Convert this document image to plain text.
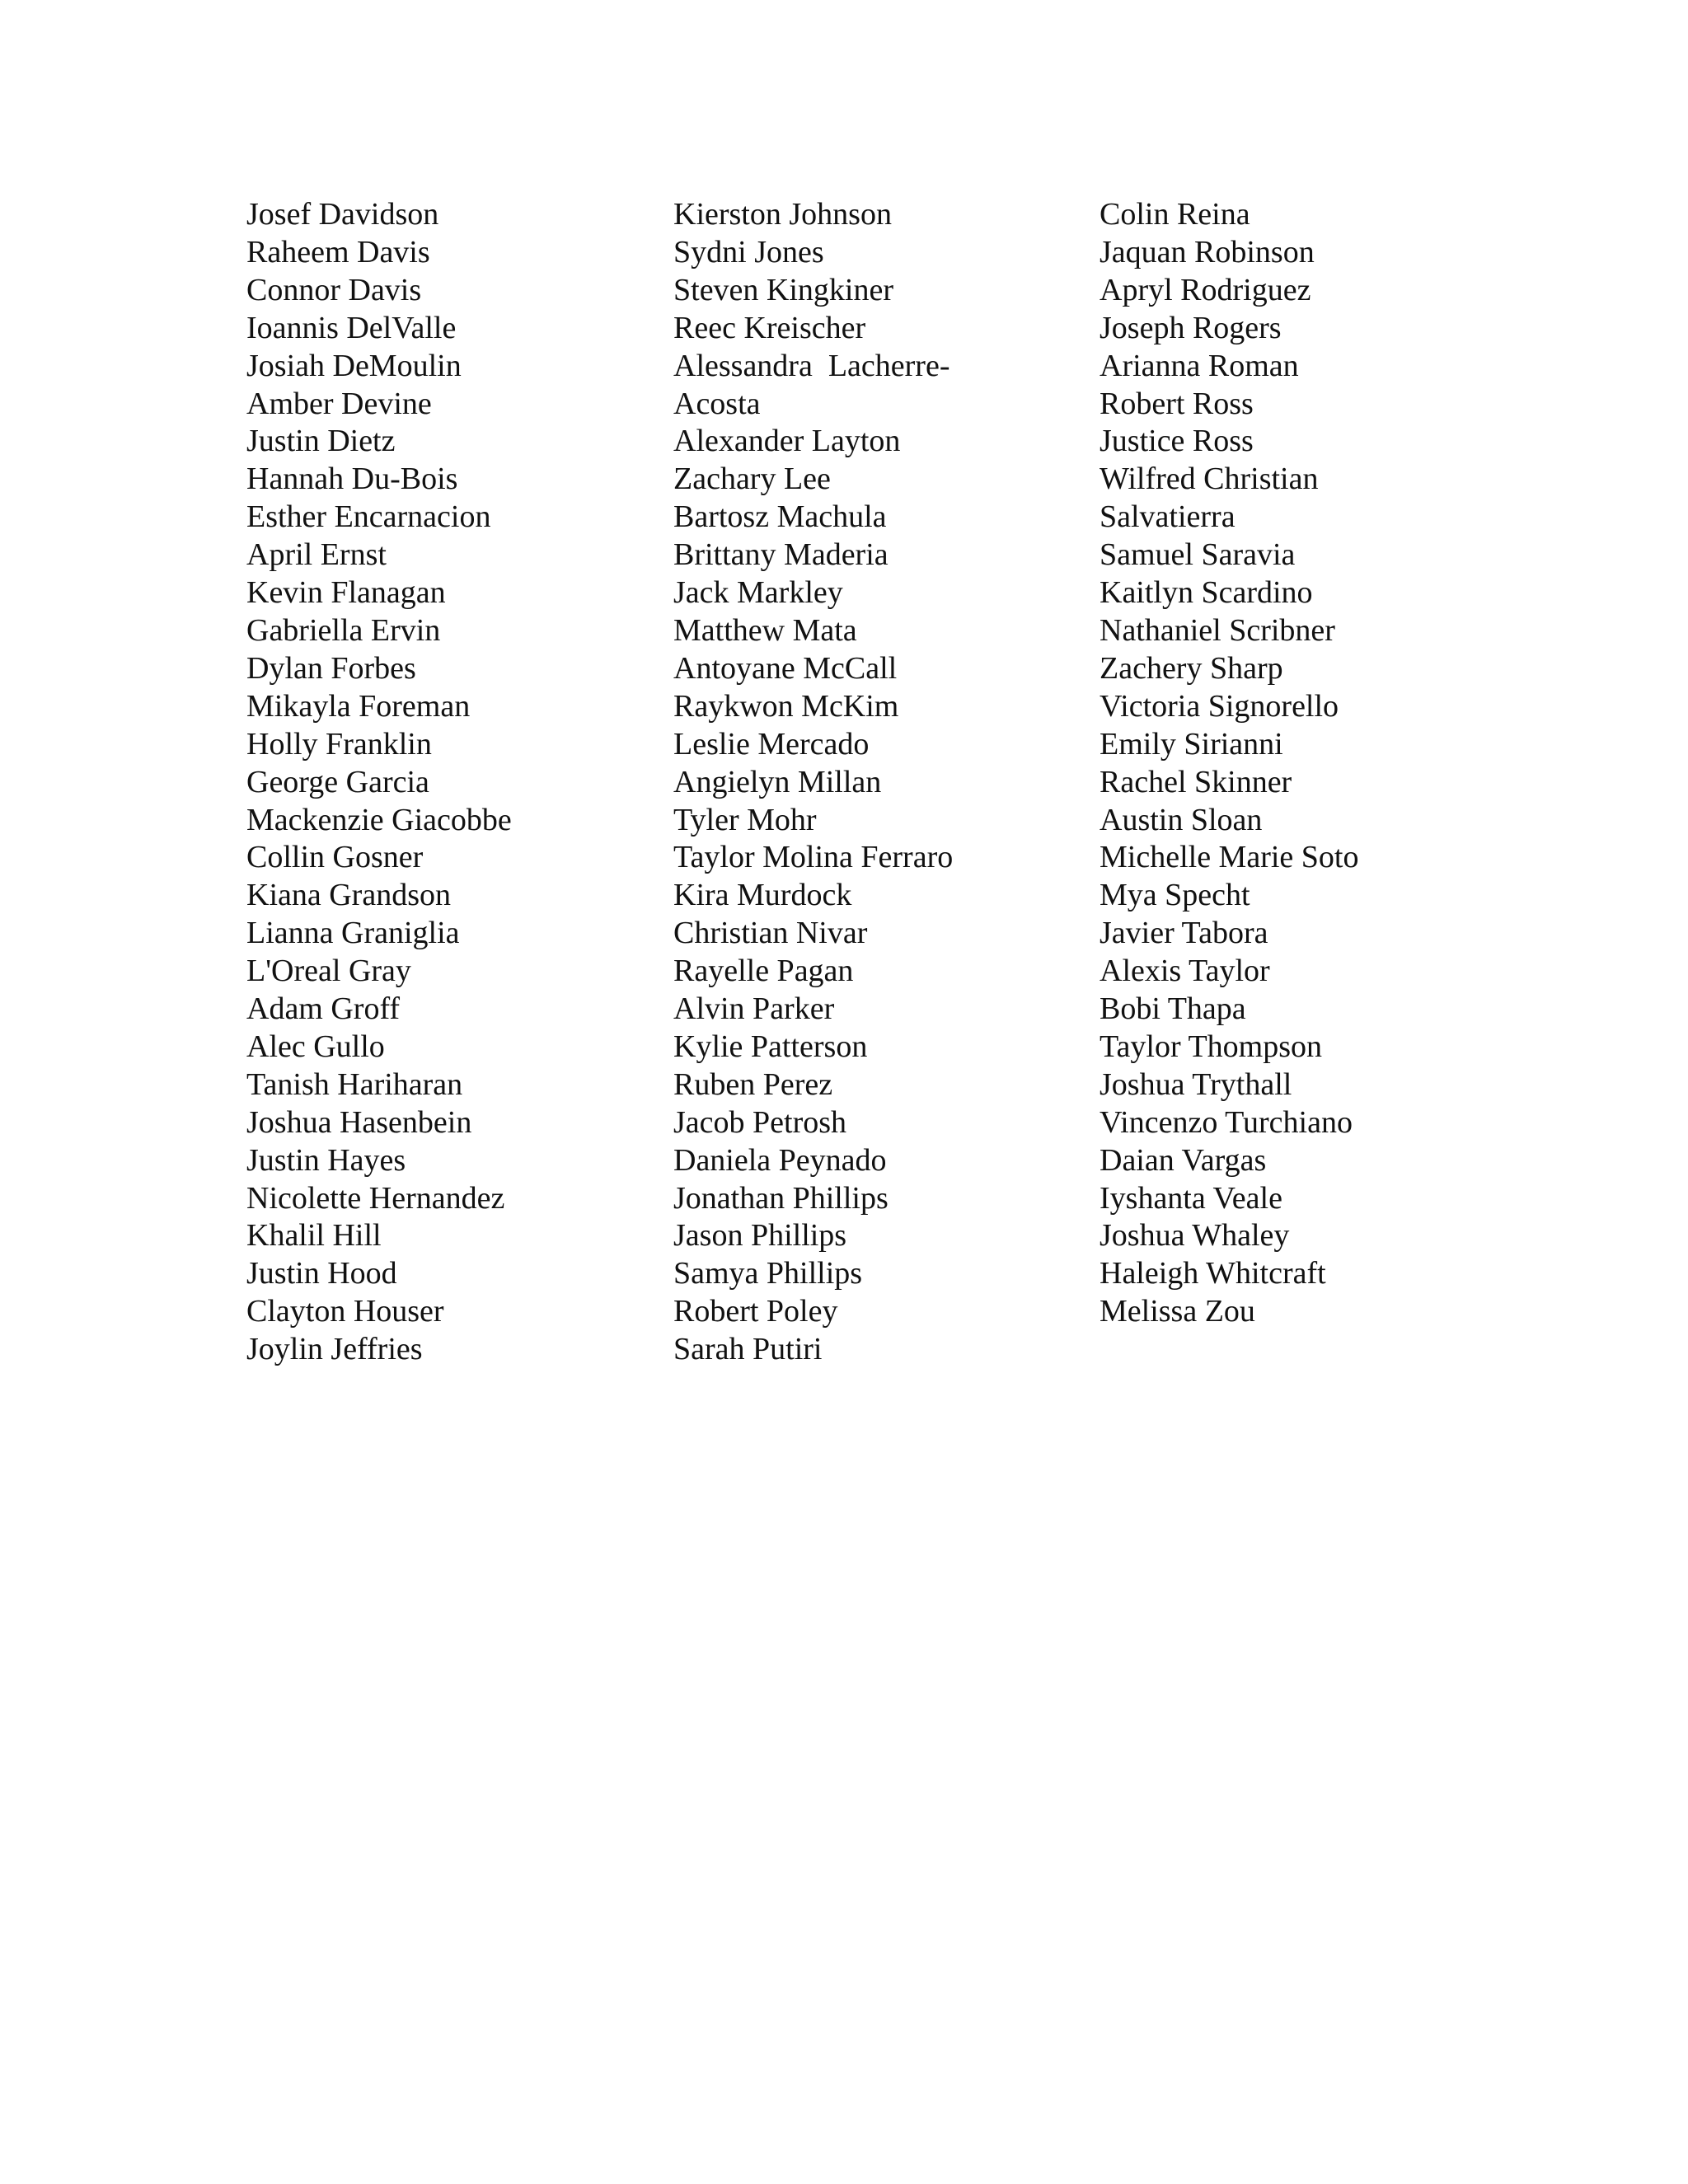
Josef Davidson
Raheem Davis
Connor Davis
Ioannis DelValle
Josiah DeMoulin
Amber Devine
Justin Dietz
Hannah Du-Bois
Esther Encarnacion
April Ernst
Kevin Flanagan
Gabriella Ervin
Dylan Forbes
Mikayla Foreman
Holly Franklin
George Garcia
Mackenzie Giacobbe
Collin Gosner
Kiana Grandson
Lianna Graniglia
L'Oreal Gray
Adam Groff
Alec Gullo
Tanish Hariharan
Joshua Hasenbein
Justin Hayes
Nicolette Hernandez
Khalil Hill
Justin Hood
Clayton Houser
Joylin Jeffries
Kierston Johnson
Sydni Jones
Steven Kingkiner
Reec Kreischer
Alessandra  Lacherre-
Acosta
Alexander Layton
Zachary Lee
Bartosz Machula
Brittany Maderia
Jack Markley
Matthew Mata
Antoyane McCall
Raykwon McKim
Leslie Mercado
Angielyn Millan
Tyler Mohr
Taylor Molina Ferraro
Kira Murdock
Christian Nivar
Rayelle Pagan
Alvin Parker
Kylie Patterson
Ruben Perez
Jacob Petrosh
Daniela Peynado
Jonathan Phillips
Jason Phillips
Samya Phillips
Robert Poley
Sarah Putiri
Colin Reina
Jaquan Robinson
Apryl Rodriguez
Joseph Rogers
Arianna Roman
Robert Ross
Justice Ross
Wilfred Christian
Salvatierra
Samuel Saravia
Kaitlyn Scardino
Nathaniel Scribner
Zachery Sharp
Victoria Signorello
Emily Sirianni
Rachel Skinner
Austin Sloan
Michelle Marie Soto
Mya Specht
Javier Tabora
Alexis Taylor
Bobi Thapa
Taylor Thompson
Joshua Trythall
Vincenzo Turchiano
Daian Vargas
Iyshanta Veale
Joshua Whaley
Haleigh Whitcraft
Melissa Zou
